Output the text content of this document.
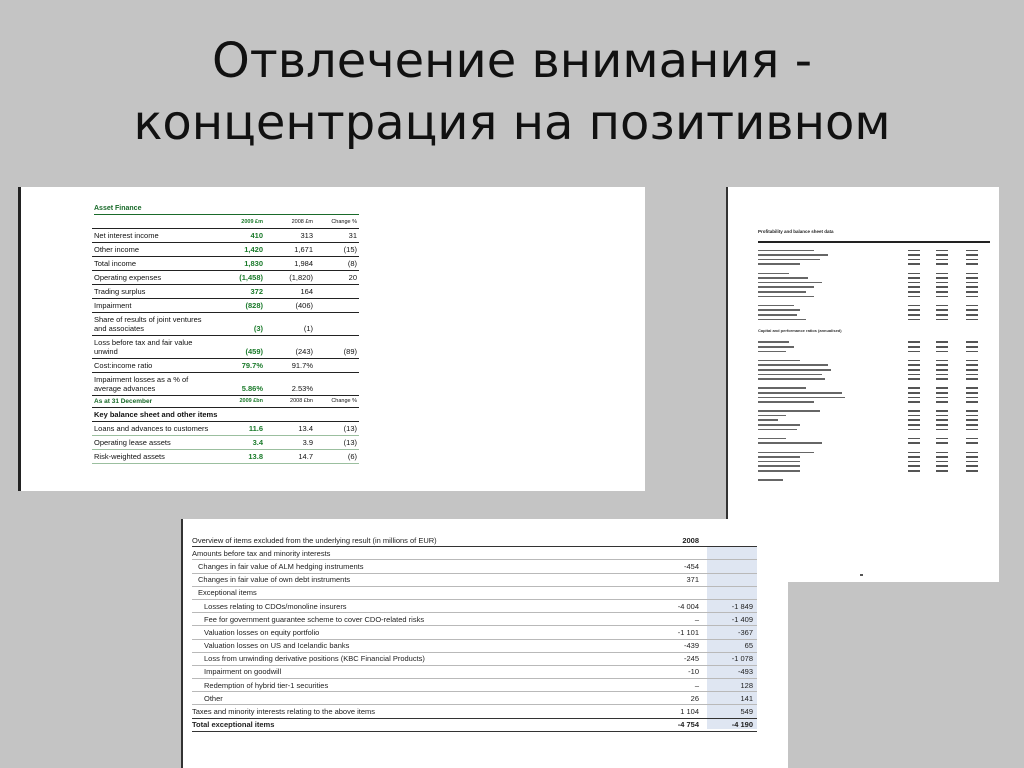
Отвлечение внимания -
концентрация на позитивном
Asset Finance
2009 £m	2008 £m	Change %
Net interest income	410	313	31
Other income	1,420	1,671	(15)
Total income	1,830	1,984	(8)
Operating expenses	(1,458)	(1,820)	20
Trading surplus	372	164
Impairment	(828)	(406)
Share of results of joint ventures and associates	(3)	(1)
Loss before tax and fair value unwind	(459)	(243)	(89)
Cost:income ratio	79.7%	91.7%
Impairment losses as a % of average advances	5.86%	2.53%
As at 31 December	2009 £bn	2008 £bn	Change %
Key balance sheet and other items
Loans and advances to customers	11.6	13.4	(13)
Operating lease assets	3.4	3.9	(13)
Risk-weighted assets	13.8	14.7	(6)
Profitability and balance sheet data
Capital and performance ratios (annualised)
Overview of items excluded from the underlying result (in millions of EUR)	2008
Amounts before tax and minority interests
Changes in fair value of ALM hedging instruments	-454
Changes in fair value of own debt instruments	371
Exceptional items
Losses relating to CDOs/monoline insurers	-4 004	-1 849
Fee for government guarantee scheme to cover CDO-related risks	–	-1 409
Valuation losses on equity portfolio	-1 101	-367
Valuation losses on US and Icelandic banks	-439	65
Loss from unwinding derivative positions (KBC Financial Products)	-245	-1 078
Impairment on goodwill	-10	-493
Redemption of hybrid tier-1 securities	–	128
Other	26	141
Taxes and minority interests relating to the above items	1 104	549
Total exceptional items	-4 754	-4 190
